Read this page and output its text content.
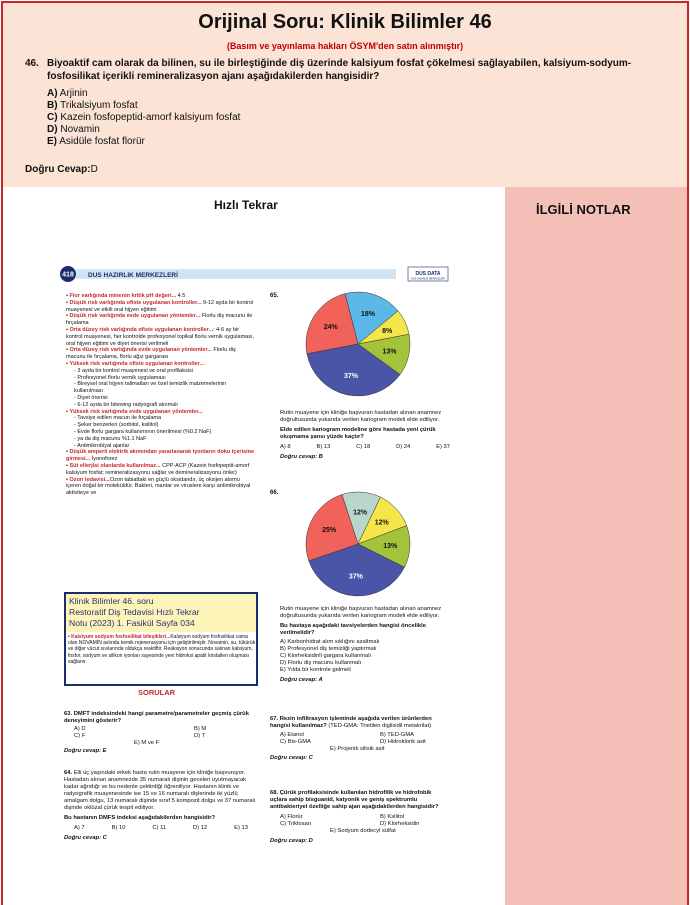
Orijinal Soru: Klinik Bilimler 46
(Basım ve yayınlama hakları ÖSYM'den satın alınmıştır)
46. Biyoaktif cam olarak da bilinen, su ile birleştiğinde diş üzerinde kalsiyum fosfat çökelmesi sağlayabilen, kalsiyum-sodyum-fosfosilikat içerikli remineralizasyon ajanı aşağıdakilerden hangisidir?
A) Arjinin
B) Trikalsiyum fosfat
C) Kazein fosfopeptid-amorf kalsiyum fosfat
D) Novamin
E) Asidüle fosfat florür
Doğru Cevap:D
Hızlı Tekrar	İLGİLİ NOTLAR
418 DUS HAZIRLIK MERKEZLERİ	DUS DATA
DUS HAZIRLIK MERKEZLERİ
18%
8%
13%
37%
24%
12%
12%
13%
37%
25%
• Flor varlığında minenin kritik pH değeri... 4.5
• Düşük risk varlığında ofiste uygulanan kontroller... 9-12 ayda bir kontrol muayenesi ve etkili oral hijyen eğitimi
• Düşük risk varlığında evde uygulanan yöntemler... Florlu diş macunu ile fırçalama
• Orta düzey risk varlığında ofiste uygulanan kontroller...: 4-6 ay bir kontrol muayenesi, her kontrolde profesyonel topikal florlu vernik uygulaması, oral hijyen eğitimi ve diyet önerisi verilmeli
• Orta düzey risk varlığında evde uygulanan yöntemler... Florlu diş macunu ile fırçalama, florlu ağız gargarası
• Yüksek risk varlığında ofiste uygulanan kontroller...
- 3 ayda bir kontrol muayenesi ve oral profilaksisi
- Profesyonel florlu vernik uygulaması
- Bireysel oral hijyen talimatları ve özel temizlik malzemelerinin kullanılması
- Diyet önerisi
- 6-12 ayda bir bitewing radyografi alınmalı
• Yüksek risk varlığında evde uygulanan yöntemler...
- Tavsiye edilen macun ile fırçalama
- Şeker benzerleri (sorbitol, ksilitol)
- Evde florlu gargara kullanımının önerilmesi (%0.2 NaF)
- ya da diş macunu %1.1 NaF
- Antimikrobiyal ajanlar
• Düşük amperli elektrik akımından yararlanarak iyonların doku içerisine girmesi... İyonoforez
• Süt ellerjisi olanlarda kullanılmaz... CPP-ACP (Kazein fosfopeptit-amorf kalsiyum fosfat; remineralizasyonu sağlar ve demineralizasyonu önler)
• Ozon tedavisi...Ozon tabiattaki en güçlü oksidandır, üç oksijen atomu içeren doğal bir moleküldür. Bakteri, mantar ve viruslere karşı antimikrobiyal aktiviteye ve
Klinik Bilimler 46. soru
Restoratif Diş Tedavisi Hızlı Tekrar
Notu (2023) 1. Fasikül Sayfa 034
• Kalsiyum sodyum fosfosilikat bileşikleri...Kalsiyum sodyum fosfosilikat cama olan NOVAMİN aslında kemik rejenerasyonu için geliştirilmiştir. Novamin, su, tükürük ve diğer vücut sıvılarında oldukça reaktiftir. Reaksiyon sonucunda salınan kalsiyum, fosfor, sodyum ve silikon iyonları sayesinde yeni hidroksi apatit kristalleri oluşması sağlanır.
SORULAR
63. DMFT indeksindeki hangi parametre/parametreler geçmiş çürük deneyimini gösterir?
A) D	B) M
C) F	D) T
E) M ve F
Doğru cevap: E
64. Elli üç yaşındaki erkek hasta rutin muayene için kliniğe başvuruyor. Hastadan alınan anamnezde 35 numaralı dişinin geceleri uyutmayacak kadar ağrıdığı ve bu nedenle çektirdiği öğreniliyor. Hastanın klinik ve radyografik muayenesinde ise 15 ve 16 numaralı dişlerinde iki yüzlü amalgam dolgu, 13 numaralı dişinde sınıf 5 kompozit dolgu ve 37 numaralı dişinde oklüzal çürük tespit ediliyor.
Bu hastanın DMFS indeksi aşağıdakilerden hangisidir?
A) 7	B) 10	C) 11	D) 12	E) 13
Doğru cevap: C
65.
Rutin muayene için kliniğe başvuran hastadan alınan anamnez doğrultusunda yukarıda verilen kariogram modeli elde ediliyor.
Elde edilen kariogram modeline göre hastada yeni çürük oluşmama şansı yüzde kaçtır?
A) 8	B) 13	C) 18	D) 24	E) 37
Doğru cevap: B
66.
Rutin muayene için kliniğe başvuran hastadan alınan anamnez doğrultusunda yukarıda verilen kariogram modeli elde ediliyor.
Bu hastaya aşağıdaki tavsiyelerden hangisi öncelikle verilmelidir?
A) Karbonhidrat alım sıklığını azaltmalı
B) Profesyonel diş temizliği yaptırmalı
C) Klorheksidinli gargara kullanmalı
D) Florlu diş macunu kullanmalı
E) Yılda bir kontrole gelmeli
Doğru cevap: A
67. Rezin infiltrasyon işleminde aşağıda verilen ürünlerden hangisi kullanılmaz? (TED-GMA: Trietilen diglisidil metakrilat)
A) Etanol	B) TED-GMA
C) Bis-GMA	D) Hidroklorik asit
E) Projenik silisik asit
Doğru cevap: C
68. Çürük profilaksisinde kullanılan hidrofilik ve hidrofobik uçlara sahip bisguanid, katyonik ve geniş spektrumlu antibakteriyel özelliğe sahip ajan aşağıdakilerden hangisidir?
A) Florür	B) Ksilitol
C) Triklosan	D) Klorheksidin
E) Sodyum dodecyl sülfat
Doğru cevap: D
